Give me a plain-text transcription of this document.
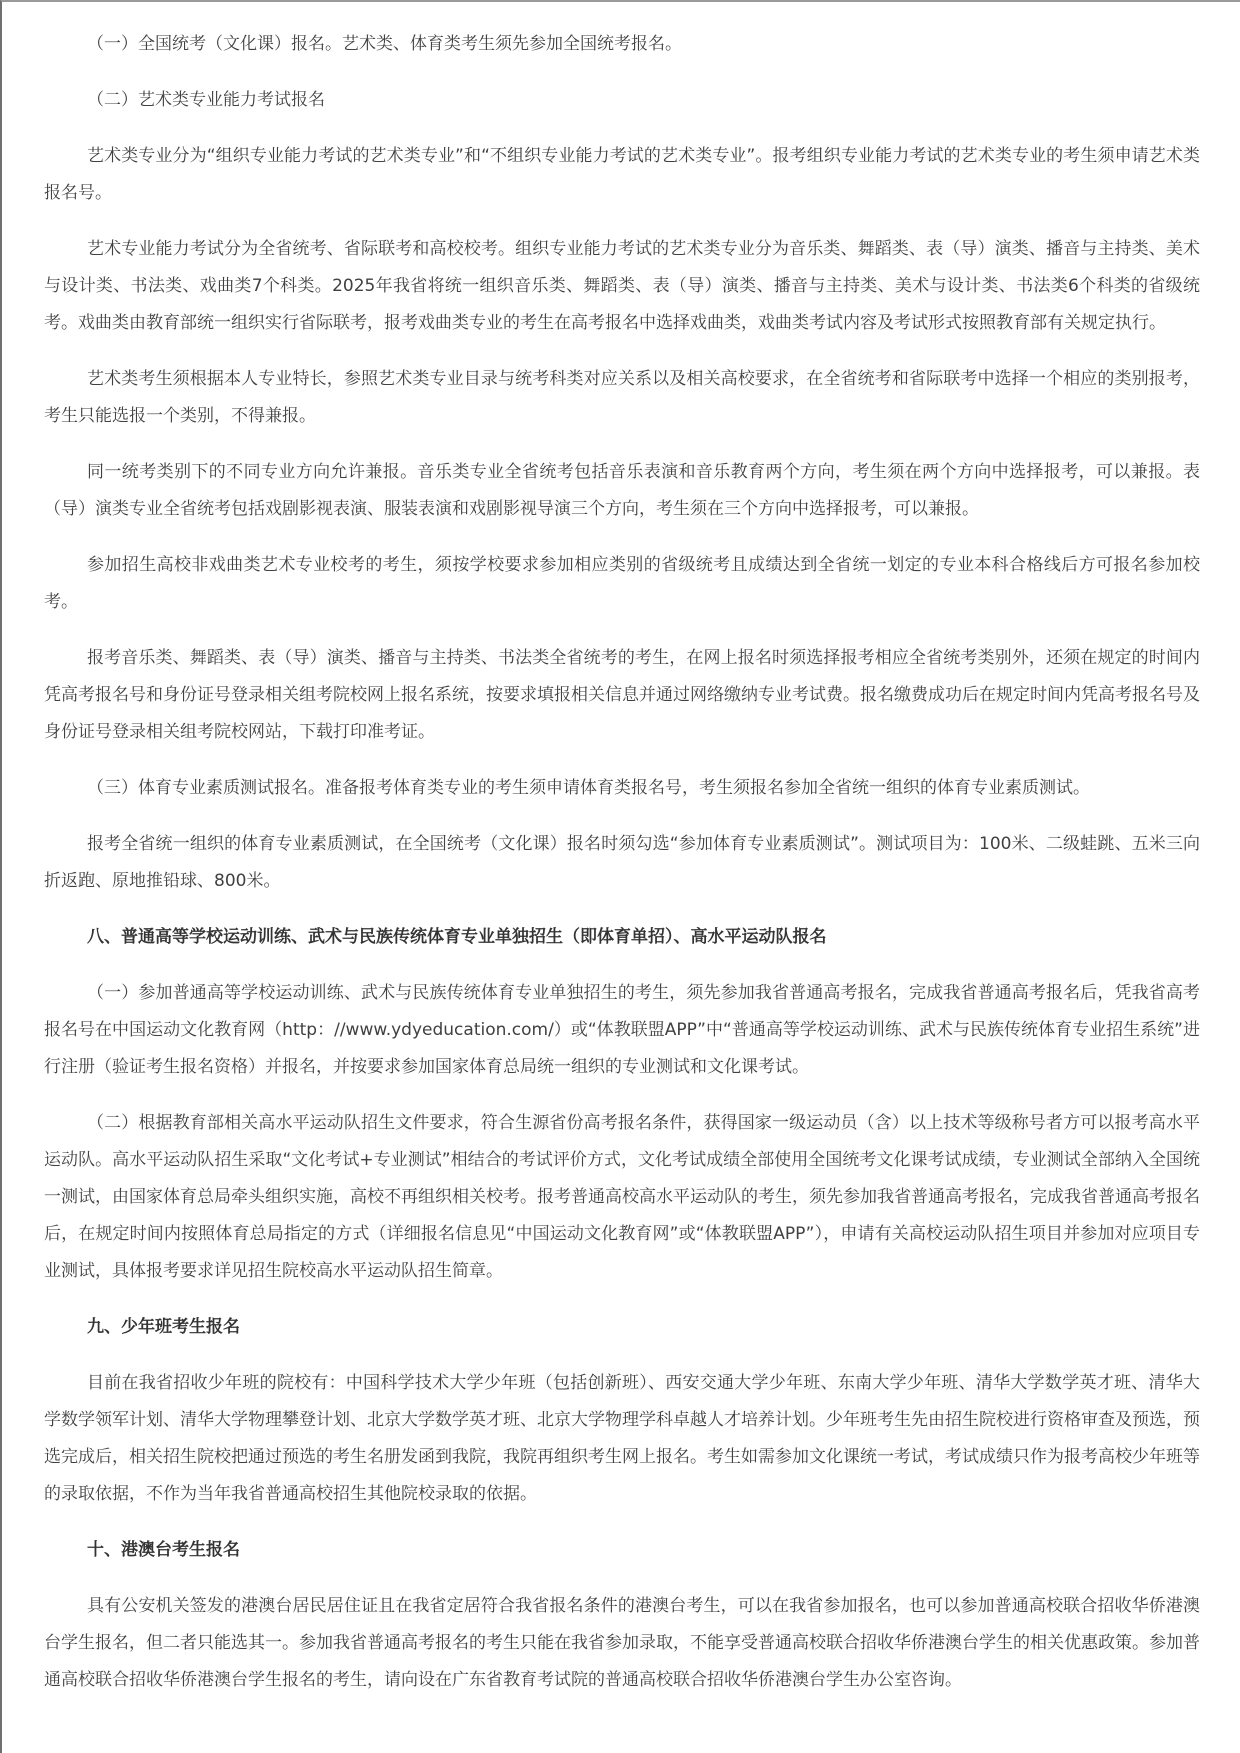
（一）全国统考（文化课）报名。艺术类、体育类考生须先参加全国统考报名。

（二）艺术类专业能力考试报名

艺术类专业分为“组织专业能力考试的艺术类专业”和“不组织专业能力考试的艺术类专业”。报考组织专业能力考试的艺术类专业的考生须申请艺术类报名号。

艺术专业能力考试分为全省统考、省际联考和高校校考。组织专业能力考试的艺术类专业分为音乐类、舞蹈类、表（导）演类、播音与主持类、美术与设计类、书法类、戏曲类7个科类。2025年我省将统一组织音乐类、舞蹈类、表（导）演类、播音与主持类、美术与设计类、书法类6个科类的省级统考。戏曲类由教育部统一组织实行省际联考，报考戏曲类专业的考生在高考报名中选择戏曲类，戏曲类考试内容及考试形式按照教育部有关规定执行。

艺术类考生须根据本人专业特长，参照艺术类专业目录与统考科类对应关系以及相关高校要求，在全省统考和省际联考中选择一个相应的类别报考，考生只能选报一个类别，不得兼报。

同一统考类别下的不同专业方向允许兼报。音乐类专业全省统考包括音乐表演和音乐教育两个方向，考生须在两个方向中选择报考，可以兼报。表（导）演类专业全省统考包括戏剧影视表演、服装表演和戏剧影视导演三个方向，考生须在三个方向中选择报考，可以兼报。

参加招生高校非戏曲类艺术专业校考的考生，须按学校要求参加相应类别的省级统考且成绩达到全省统一划定的专业本科合格线后方可报名参加校考。

报考音乐类、舞蹈类、表（导）演类、播音与主持类、书法类全省统考的考生，在网上报名时须选择报考相应全省统考类别外，还须在规定的时间内凭高考报名号和身份证号登录相关组考院校网上报名系统，按要求填报相关信息并通过网络缴纳专业考试费。报名缴费成功后在规定时间内凭高考报名号及身份证号登录相关组考院校网站，下载打印准考证。

（三）体育专业素质测试报名。准备报考体育类专业的考生须申请体育类报名号，考生须报名参加全省统一组织的体育专业素质测试。

报考全省统一组织的体育专业素质测试，在全国统考（文化课）报名时须勾选“参加体育专业素质测试”。测试项目为：100米、二级蛙跳、五米三向折返跑、原地推铅球、800米。

八、普通高等学校运动训练、武术与民族传统体育专业单独招生（即体育单招）、高水平运动队报名

（一）参加普通高等学校运动训练、武术与民族传统体育专业单独招生的考生，须先参加我省普通高考报名，完成我省普通高考报名后，凭我省高考报名号在中国运动文化教育网（http：//www.ydyeducation.com/）或“体教联盟APP”中“普通高等学校运动训练、武术与民族传统体育专业招生系统”进行注册（验证考生报名资格）并报名，并按要求参加国家体育总局统一组织的专业测试和文化课考试。

（二）根据教育部相关高水平运动队招生文件要求，符合生源省份高考报名条件，获得国家一级运动员（含）以上技术等级称号者方可以报考高水平运动队。高水平运动队招生采取“文化考试+专业测试”相结合的考试评价方式，文化考试成绩全部使用全国统考文化课考试成绩，专业测试全部纳入全国统一测试，由国家体育总局牵头组织实施，高校不再组织相关校考。报考普通高校高水平运动队的考生，须先参加我省普通高考报名，完成我省普通高考报名后，在规定时间内按照体育总局指定的方式（详细报名信息见“中国运动文化教育网”或“体教联盟APP”），申请有关高校运动队招生项目并参加对应项目专业测试，具体报考要求详见招生院校高水平运动队招生简章。

九、少年班考生报名

目前在我省招收少年班的院校有：中国科学技术大学少年班（包括创新班）、西安交通大学少年班、东南大学少年班、清华大学数学英才班、清华大学数学领军计划、清华大学物理攀登计划、北京大学数学英才班、北京大学物理学科卓越人才培养计划。少年班考生先由招生院校进行资格审查及预选，预选完成后，相关招生院校把通过预选的考生名册发函到我院，我院再组织考生网上报名。考生如需参加文化课统一考试，考试成绩只作为报考高校少年班等的录取依据，不作为当年我省普通高校招生其他院校录取的依据。

十、港澳台考生报名

具有公安机关签发的港澳台居民居住证且在我省定居符合我省报名条件的港澳台考生，可以在我省参加报名，也可以参加普通高校联合招收华侨港澳台学生报名，但二者只能选其一。参加我省普通高考报名的考生只能在我省参加录取，不能享受普通高校联合招收华侨港澳台学生的相关优惠政策。参加普通高校联合招收华侨港澳台学生报名的考生，请向设在广东省教育考试院的普通高校联合招收华侨港澳台学生办公室咨询。
